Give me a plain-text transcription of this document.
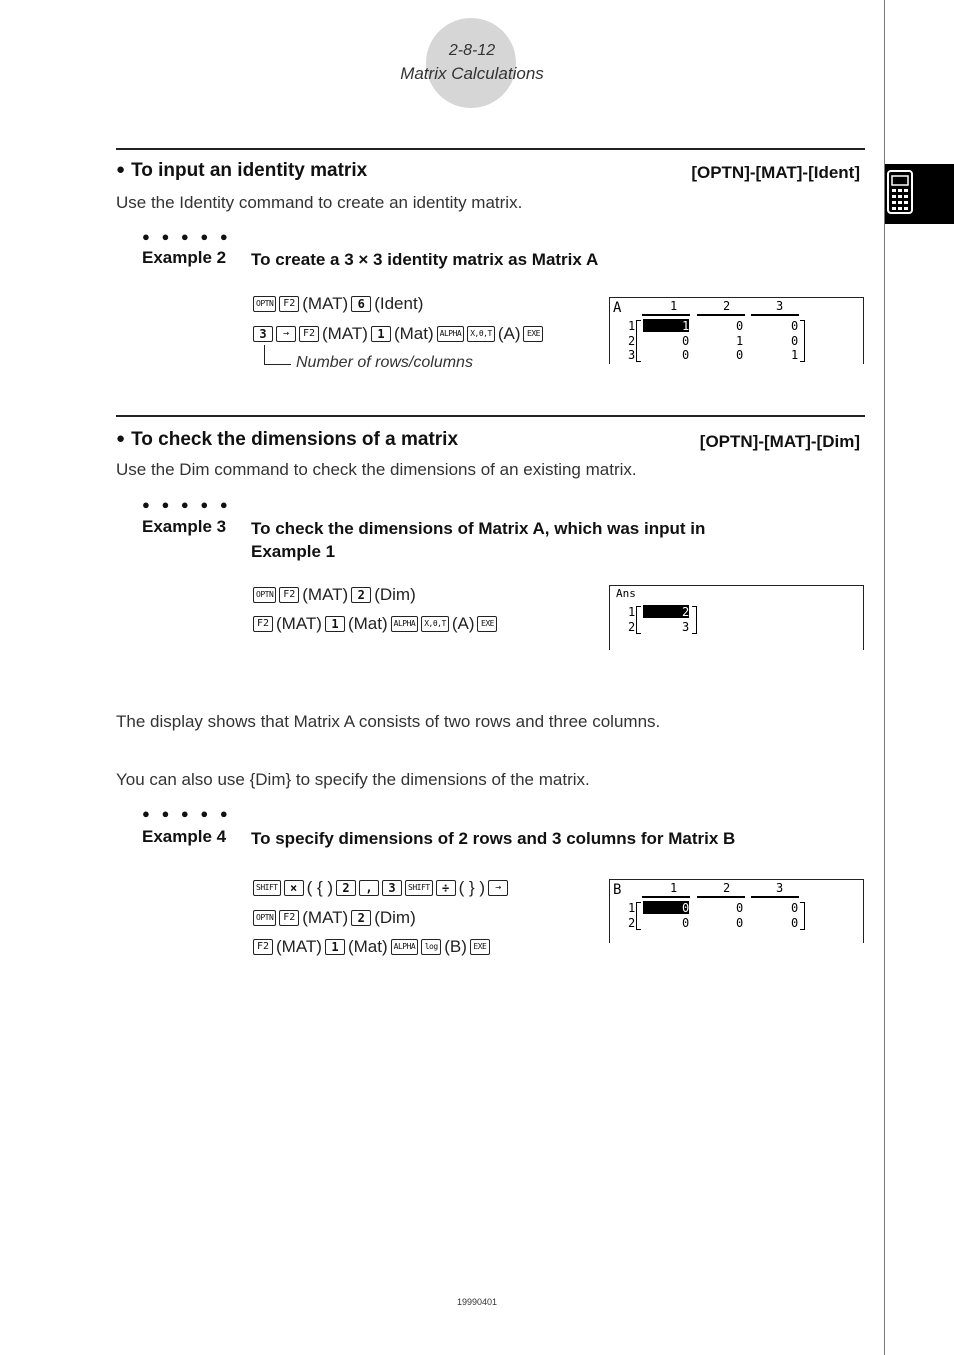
2-8-12
Matrix Calculations
● To input an identity matrix	[OPTN]-[MAT]-[Ident]
Use the Identity command to create an identity matrix.
● ● ● ● ●
Example 2 To create a 3 × 3 identity matrix as Matrix A
OPTN F2 (MAT) 6 (Ident)
3	→	F2 (MAT) 1 (Mat) ALPHA	X,θ,T (A) EXE
Number of rows/columns
A	1	2	3
1	1	0	0
2	0	1	0
3	0	0	1
● To check the dimensions of a matrix	[OPTN]-[MAT]-[Dim]
Use the Dim command to check the dimensions of an existing matrix.
● ● ● ● ●
Example 3 To check the dimensions of Matrix A, which was input in Example 1
OPTN F2 (MAT) 2 (Dim)
F2 (MAT) 1 (Mat) ALPHA	X,θ,T (A) EXE
Ans
1	2
2	3
The display shows that Matrix A consists of two rows and three columns.
You can also use {Dim} to specify the dimensions of the matrix.
● ● ● ● ●
Example 4 To specify dimensions of 2 rows and 3 columns for Matrix B
SHIFT	× ( { ) 2	,	3	SHIFT	÷ ( } ) →
OPTN F2 (MAT) 2 (Dim)
F2 (MAT) 1 (Mat) ALPHA	log (B) EXE
B	1	2	3
1	0	0	0
2	0	0	0
19990401
